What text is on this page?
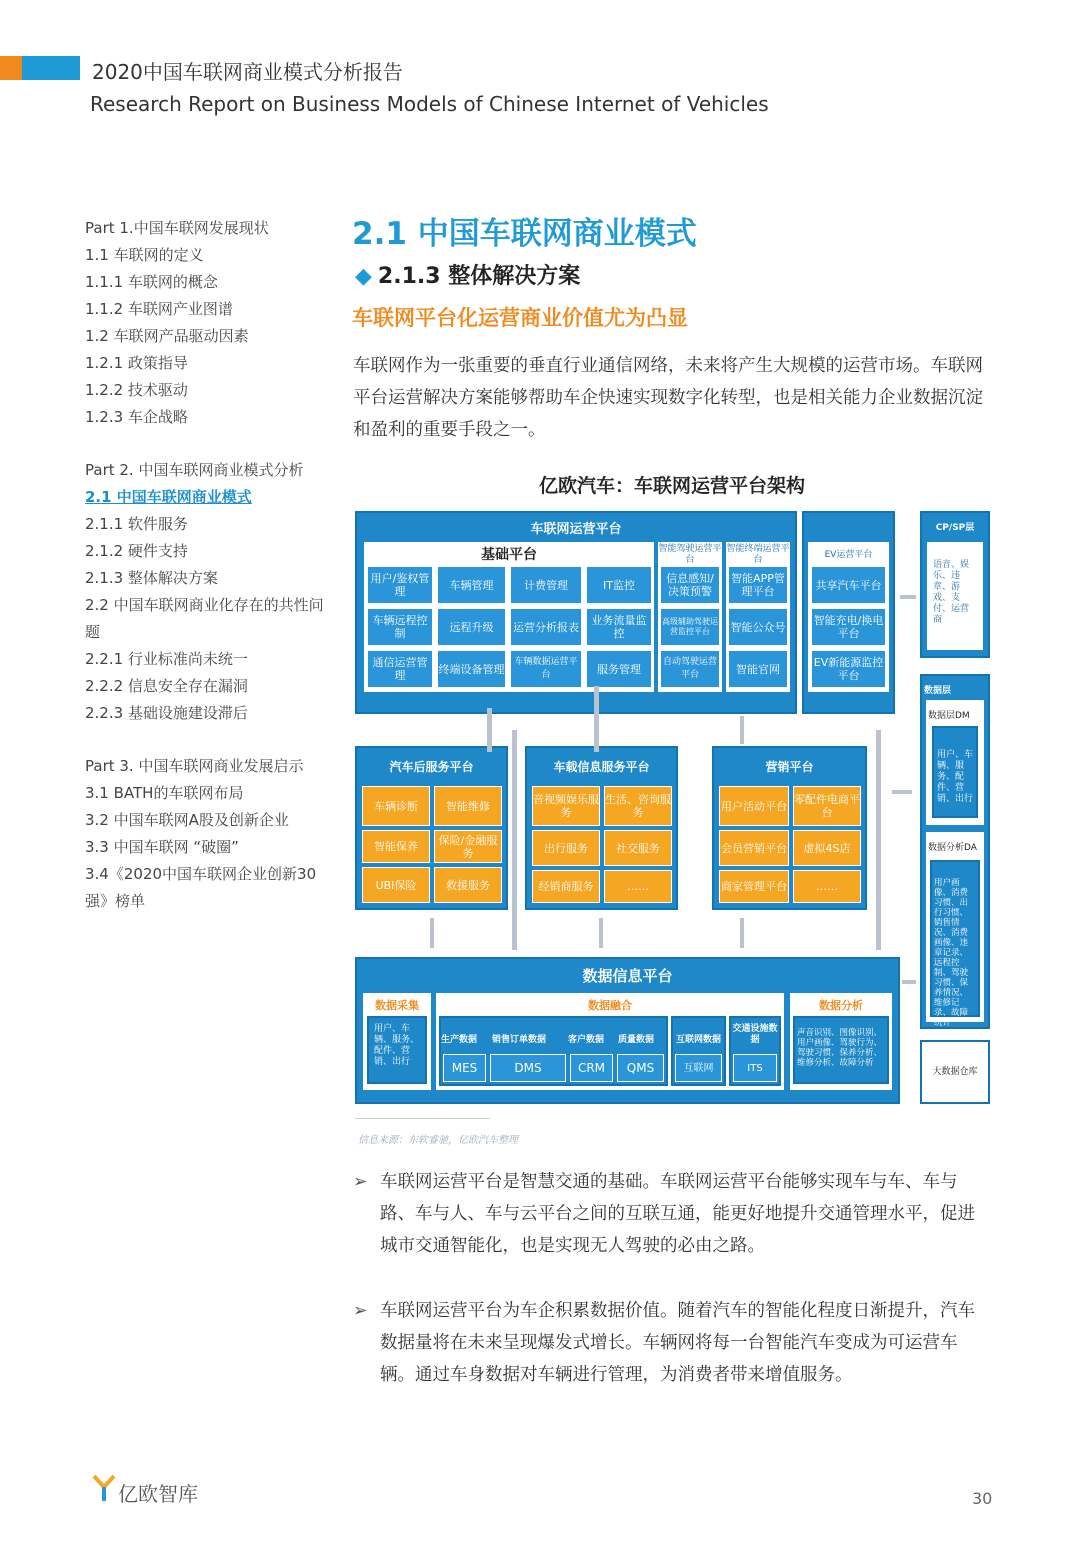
2020中国车联网商业模式分析报告
Research Report on Business Models of Chinese Internet of Vehicles
Part 1.中国车联网发展现状
1.1 车联网的定义
1.1.1 车联网的概念
1.1.2 车联网产业图谱
1.2 车联网产品驱动因素
1.2.1 政策指导
1.2.2 技术驱动
1.2.3 车企战略
Part 2. 中国车联网商业模式分析
2.1 中国车联网商业模式
2.1.1 软件服务
2.1.2 硬件支持
2.1.3 整体解决方案
2.2 中国车联网商业化存在的共性问题
2.2.1 行业标准尚未统一
2.2.2 信息安全存在漏洞
2.2.3 基础设施建设滞后
Part 3. 中国车联网商业发展启示
3.1 BATH的车联网布局
3.2 中国车联网A股及创新企业
3.3 中国车联网 “破圈”
3.4《2020中国车联网企业创新30强》榜单
2.1 中国车联网商业模式
◆ 2.1.3 整体解决方案
车联网平台化运营商业价值尤为凸显
车联网作为一张重要的垂直行业通信网络，未来将产生大规模的运营市场。车联网平台运营解决方案能够帮助车企快速实现数字化转型，也是相关能力企业数据沉淀和盈利的重要手段之一。
亿欧汽车：车联网运营平台架构
车联网运营平台
基础平台
用户/鉴权管理	车辆管理	计费管理	IT监控
车辆远程控制	远程升级	运营分析报表	业务流量监控
通信运营管理	终端设备管理
车辆数据运营平台	服务管理
智能驾驶运营平台
信息感知/决策预警
高级辅助驾驶运营监控平台
自动驾驶运营平台
智能终端运营平台
智能APP管理平台
智能公众号
智能官网
EV运营平台
共享汽车平台
智能充电/换电平台
EV新能源监控平台
CP/SP层
语音、娱乐、违章、游戏、支付、运营商
数据层
数据层DM
用户、车辆、服务、配件、营销、出行
数据分析DA
用户画像、消费习惯、出行习惯、销售情况、消费画像、违章记录、远程控制、驾驶习惯、保养情况、维修记录、故障统计
大数据仓库
汽车后服务平台
车辆诊断	智能维修
智能保养	保险/金融服务
UBI保险	救援服务
车载信息服务平台
音视频娱乐服务
生活、咨询服务
出行服务	社交服务
经销商服务	……
营销平台
用户活动平台 零配件电商平台
会员营销平台	虚拟4S店
商家管理平台	……
数据信息平台
数据采集
用户、车辆、服务、配件、营销、出行
数据融合
生产数据 销售订单数据 客户数据 质量数据
MES	DMS	CRM	QMS
互联网数据
互联网
交通设施数据
ITS
数据分析
声音识别、图像识别、用户画像、驾驶行为、驾驶习惯、保养分析、维修分析、故障分析
信息来源：东软睿驰，亿欧汽车整理
➢ 车联网运营平台是智慧交通的基础。车联网运营平台能够实现车与车、车与路、车与人、车与云平台之间的互联互通，能更好地提升交通管理水平，促进城市交通智能化，也是实现无人驾驶的必由之路。
➢ 车联网运营平台为车企积累数据价值。随着汽车的智能化程度日渐提升，汽车数据量将在未来呈现爆发式增长。车辆网将每一台智能汽车变成为可运营车辆。通过车身数据对车辆进行管理，为消费者带来增值服务。
亿欧智库	30
